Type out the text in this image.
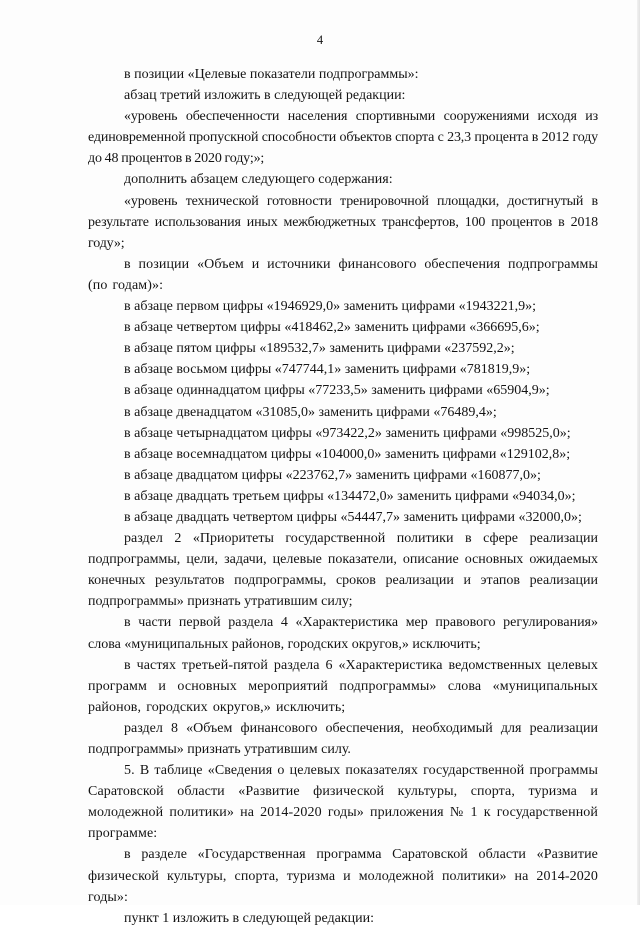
4

в позиции «Целевые показатели подпрограммы»:

абзац третий изложить в следующей редакции:

«уровень обеспеченности населения спортивными сооружениями исходя из единовременной пропускной способности объектов спорта с 23,3 процента в 2012 году до 48 процентов в 2020 году;»;

дополнить абзацем следующего содержания:

«уровень технической готовности тренировочной площадки, достигнутый в результате использования иных межбюджетных трансфертов, 100 процентов в 2018 году»;

в позиции «Объем и источники финансового обеспечения подпрограммы (по годам)»:

в абзаце первом цифры «1946929,0» заменить цифрами «1943221,9»;

в абзаце четвертом цифры «418462,2» заменить цифрами «366695,6»;

в абзаце пятом цифры «189532,7» заменить цифрами «237592,2»;

в абзаце восьмом цифры «747744,1» заменить цифрами «781819,9»;

в абзаце одиннадцатом цифры «77233,5» заменить цифрами «65904,9»;

в абзаце двенадцатом «31085,0» заменить цифрами «76489,4»;

в абзаце четырнадцатом цифры «973422,2» заменить цифрами «998525,0»;

в абзаце восемнадцатом цифры «104000,0» заменить цифрами «129102,8»;

в абзаце двадцатом цифры «223762,7» заменить цифрами «160877,0»;

в абзаце двадцать третьем цифры «134472,0» заменить цифрами «94034,0»;

в абзаце двадцать четвертом цифры «54447,7» заменить цифрами «32000,0»;

раздел 2 «Приоритеты государственной политики в сфере реализации подпрограммы, цели, задачи, целевые показатели, описание основных ожидаемых конечных результатов подпрограммы, сроков реализации и этапов реализации подпрограммы» признать утратившим силу;

в части первой раздела 4 «Характеристика мер правового регулирования» слова «муниципальных районов, городских округов,» исключить;

в частях третьей-пятой раздела 6 «Характеристика ведомственных целевых программ и основных мероприятий подпрограммы» слова «муниципальных районов, городских округов,» исключить;

раздел 8 «Объем финансового обеспечения, необходимый для реализации подпрограммы» признать утратившим силу.

5. В таблице «Сведения о целевых показателях государственной программы Саратовской области «Развитие физической культуры, спорта, туризма и молодежной политики» на 2014-2020 годы» приложения № 1 к государственной программе:

в разделе «Государственная программа Саратовской области «Развитие физической культуры, спорта, туризма и молодежной политики» на 2014-2020 годы»:

пункт 1 изложить в следующей редакции:
